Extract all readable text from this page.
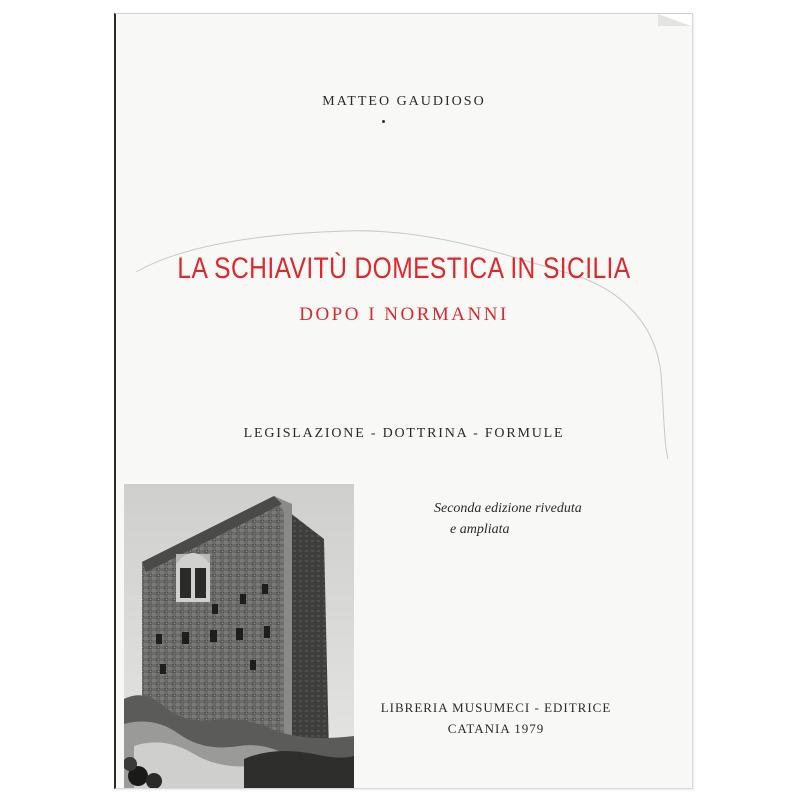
MATTEO GAUDIOSO
LA SCHIAVITÙ DOMESTICA IN SICILIA
DOPO I NORMANNI
LEGISLAZIONE - DOTTRINA - FORMULE
Seconda edizione riveduta
e ampliata
LIBRERIA MUSUMECI - EDITRICE
CATANIA 1979
